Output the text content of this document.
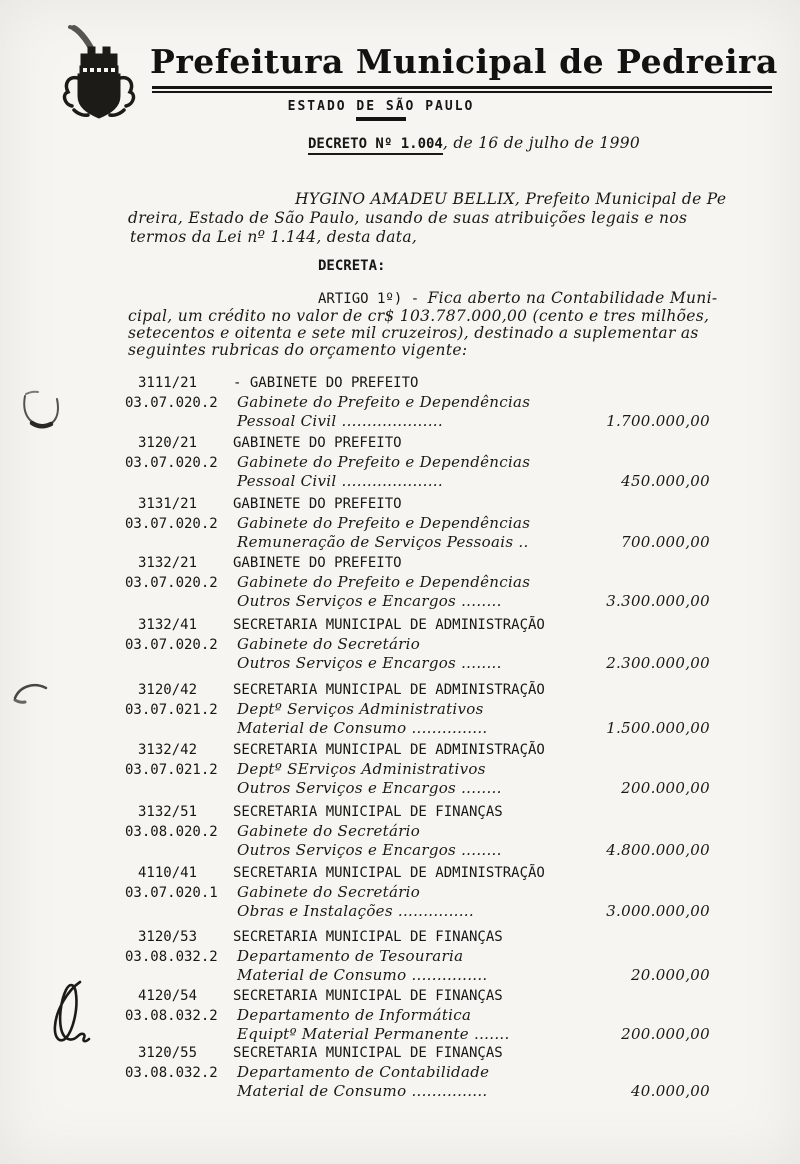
Prefeitura Municipal de Pedreira
ESTADO DE SÃO PAULO
DECRETO Nº 1.004, de 16 de julho de 1990
HYGINO AMADEU BELLIX, Prefeito Municipal de Pe
dreira, Estado de São Paulo, usando de suas atribuições legais e nos
termos da Lei nº 1.144, desta data,
DECRETA:
ARTIGO 1º) - Fica aberto na Contabilidade Muni-
cipal, um crédito no valor de cr$ 103.787.000,00 (cento e tres milhões,
setecentos e oitenta e sete mil cruzeiros), destinado a suplementar as
seguintes rubricas do orçamento vigente:
3111/21	- GABINETE DO PREFEITO
03.07.020.2 Gabinete do Prefeito e Dependências
Pessoal Civil ....................	1.700.000,00
3120/21	GABINETE DO PREFEITO
03.07.020.2 Gabinete do Prefeito e Dependências
Pessoal Civil ....................	450.000,00
3131/21	GABINETE DO PREFEITO
03.07.020.2 Gabinete do Prefeito e Dependências
Remuneração de Serviços Pessoais ..	700.000,00
3132/21	GABINETE DO PREFEITO
03.07.020.2 Gabinete do Prefeito e Dependências
Outros Serviços e Encargos ........	3.300.000,00
3132/41	SECRETARIA MUNICIPAL DE ADMINISTRAÇÃO
03.07.020.2 Gabinete do Secretário
Outros Serviços e Encargos ........	2.300.000,00
3120/42	SECRETARIA MUNICIPAL DE ADMINISTRAÇÃO
03.07.021.2 Deptº Serviços Administrativos
Material de Consumo ...............	1.500.000,00
3132/42	SECRETARIA MUNICIPAL DE ADMINISTRAÇÃO
03.07.021.2 Deptº SErviços Administrativos
Outros Serviços e Encargos ........	200.000,00
3132/51	SECRETARIA MUNICIPAL DE FINANÇAS
03.08.020.2 Gabinete do Secretário
Outros Serviços e Encargos ........	4.800.000,00
4110/41	SECRETARIA MUNICIPAL DE ADMINISTRAÇÃO
03.07.020.1 Gabinete do Secretário
Obras e Instalações ...............	3.000.000,00
3120/53	SECRETARIA MUNICIPAL DE FINANÇAS
03.08.032.2 Departamento de Tesouraria
Material de Consumo ...............	20.000,00
4120/54	SECRETARIA MUNICIPAL DE FINANÇAS
03.08.032.2 Departamento de Informática
Equiptº Material Permanente .......	200.000,00
3120/55	SECRETARIA MUNICIPAL DE FINANÇAS
03.08.032.2 Departamento de Contabilidade
Material de Consumo ...............	40.000,00
